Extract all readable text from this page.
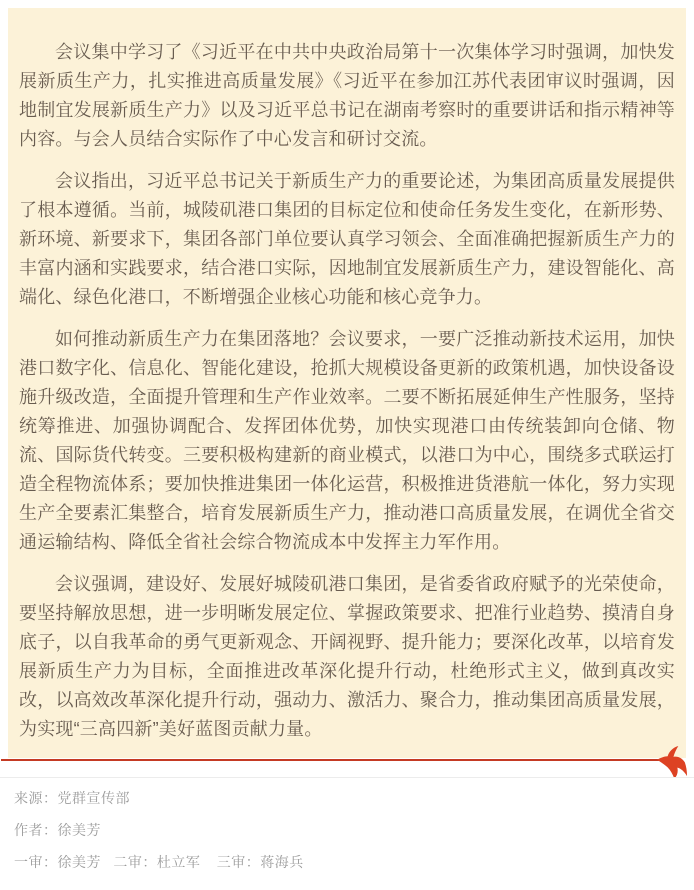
会议集中学习了《习近平在中共中央政治局第十一次集体学习时强调，加快发展新质生产力，扎实推进高质量发展》《习近平在参加江苏代表团审议时强调，因地制宜发展新质生产力》以及习近平总书记在湖南考察时的重要讲话和指示精神等内容。与会人员结合实际作了中心发言和研讨交流。

会议指出，习近平总书记关于新质生产力的重要论述，为集团高质量发展提供了根本遵循。当前，城陵矶港口集团的目标定位和使命任务发生变化，在新形势、新环境、新要求下，集团各部门单位要认真学习领会、全面准确把握新质生产力的丰富内涵和实践要求，结合港口实际，因地制宜发展新质生产力，建设智能化、高端化、绿色化港口，不断增强企业核心功能和核心竞争力。

如何推动新质生产力在集团落地？会议要求，一要广泛推动新技术运用，加快港口数字化、信息化、智能化建设，抢抓大规模设备更新的政策机遇，加快设备设施升级改造，全面提升管理和生产作业效率。二要不断拓展延伸生产性服务，坚持统筹推进、加强协调配合、发挥团体优势，加快实现港口由传统装卸向仓储、物流、国际货代转变。三要积极构建新的商业模式，以港口为中心，围绕多式联运打造全程物流体系；要加快推进集团一体化运营，积极推进货港航一体化，努力实现生产全要素汇集整合，培育发展新质生产力，推动港口高质量发展，在调优全省交通运输结构、降低全省社会综合物流成本中发挥主力军作用。

会议强调，建设好、发展好城陵矶港口集团，是省委省政府赋予的光荣使命，要坚持解放思想，进一步明晰发展定位、掌握政策要求、把准行业趋势、摸清自身底子，以自我革命的勇气更新观念、开阔视野、提升能力；要深化改革，以培育发展新质生产力为目标，全面推进改革深化提升行动，杜绝形式主义，做到真改实改，以高效改革深化提升行动，强动力、激活力、聚合力，推动集团高质量发展，为实现“三高四新”美好蓝图贡献力量。

来源：党群宣传部
作者：徐美芳
一审：徐美芳 二审：杜立军 三审：蒋海兵
